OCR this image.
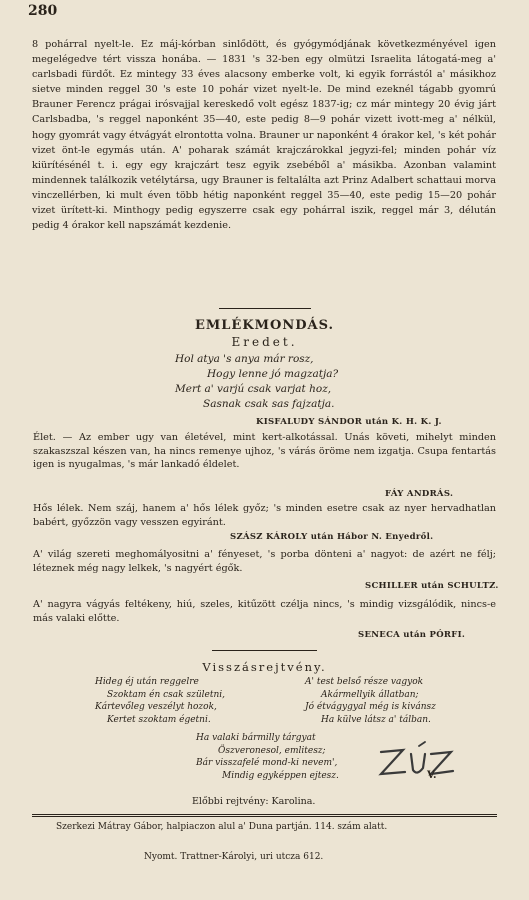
280

8 pohárral nyelt-le. Ez máj-kórban sinlődött, és gyógymódjának következményével igen megelégedve tért vissza honába. — 1831 's 32-ben egy olmützi Israelita látogatá-meg a' carlsbadi fürdőt. Ez mintegy 33 éves alacsony emberke volt, ki egyik forrástól a' másikhoz sietve minden reggel 30 's este 10 pohár vizet nyelt-le. De mind ezeknél tágabb gyomrú Brauner Ferencz prágai irósvajjal kereskedő volt egész 1837-ig; cz már mintegy 20 évig járt Carlsbadba, 's reggel naponként 35—40, este pedig 8—9 pohár vizett ivott-meg a' nélkül, hogy gyomrát vagy étvágyát elrontotta volna. Brauner ur naponként 4 órakor kel, 's két pohár vizet önt-le egymás után. A' poharak számát krajczárokkal jegyzi-fel; minden pohár víz kiürítésénél t. i. egy egy krajczárt tesz egyik zsebéből a' másikba. Azonban valamint mindennek találkozik vetélytársa, ugy Brauner is feltalálta azt Prinz Adalbert schattaui morva vinczellérben, ki mult éven több hétig naponként reggel 35—40, este pedig 15—20 pohár vizet ürített-ki. Minthogy pedig egyszerre csak egy pohárral iszik, reggel már 3, délután pedig 4 órakor kell napszámát kezdenie.

EMLÉKMONDÁS.
Eredet.
Hol atya 's anya már rosz,
Hogy lenne jó magzatja?
Mert a' varjú csak varjat hoz,
Sasnak csak sas fajzatja.
KISFALUDY SÁNDOR után K. H. K. J.

Élet. — Az ember ugy van életével, mint kert-alkotással. Unás követi, mihelyt minden szakaszszal készen van, ha nincs remenye ujhoz, 's várás öröme nem izgatja. Csupa fentartás igen is nyugalmas, 's már lankadó éldelet.

FÁY ANDRÁS.

Hős lélek. Nem száj, hanem a' hős lélek győz; 's minden esetre csak az nyer hervadhatlan babért, győzzön vagy vesszen egyiránt.

SZÁSZ KÁROLY után Hábor N. Enyedről.

A' világ szereti meghomályositni a' fényeset, 's porba dönteni a' nagyot: de azért ne félj; léteznek még nagy lelkek, 's nagyért égők.

SCHILLER után SCHULTZ.

A' nagyra vágyás feltékeny, hiú, szeles, kitűzött czélja nincs, 's mindig vizsgálódik, nincs-e más valaki előtte.

SENECA után PÓRFI.
Visszásrejtvény.
Hideg éj után reggelre
Szoktam én csak születni,
Kártevőleg veszélyt hozok,
Kertet szoktam égetni.
A' test belső része vagyok
Akármellyik állatban;
Jó étvágygyal még is kivánsz
Ha külve látsz a' tálban.
Ha valaki bármilly tárgyat
Öszveronesol, emlitesz;
Bár visszafelé mond-ki nevem',
Mindig egyképpen ejtesz.	V.
Előbbi rejtvény: Karolina.
Szerkezi Mátray Gábor, halpiaczon alul a' Duna partján. 114. szám alatt.
Nyomt. Trattner-Károlyi, uri utcza 612.
